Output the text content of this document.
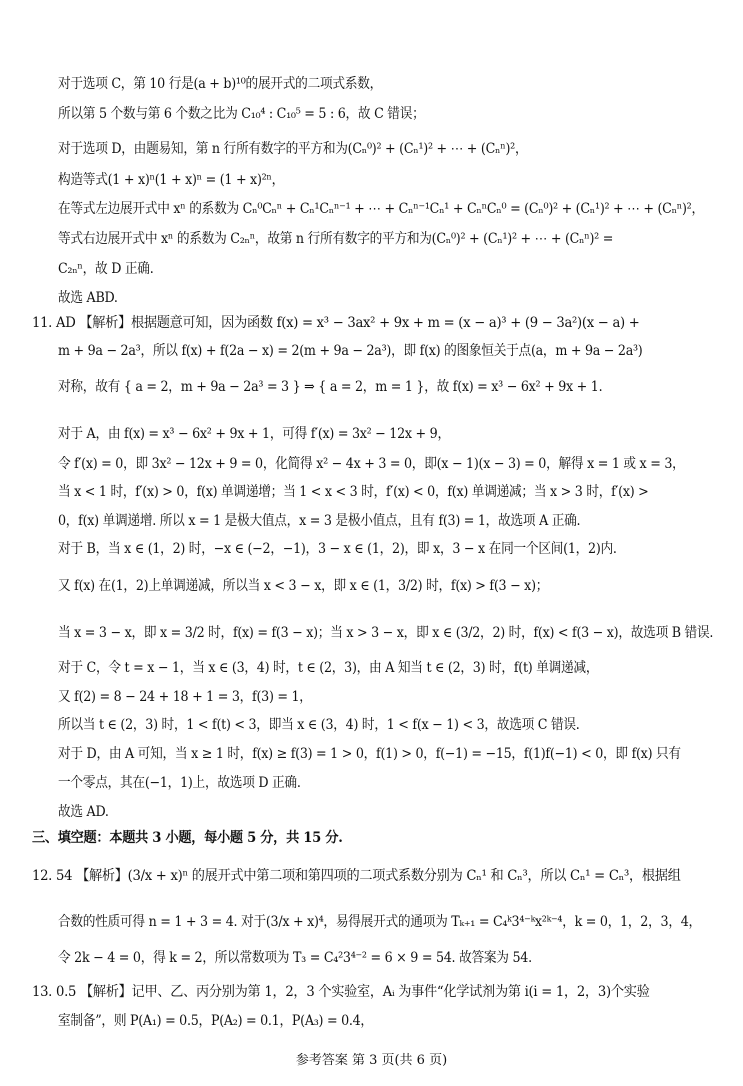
对于选项 C，第 10 行是(a + b)¹⁰的展开式的二项式系数，
所以第 5 个数与第 6 个数之比为 C₁₀⁴ : C₁₀⁵ = 5 : 6，故 C 错误；
对于选项 D，由题易知，第 n 行所有数字的平方和为(Cₙ⁰)² + (Cₙ¹)² + ⋯ + (Cₙⁿ)²，
构造等式(1 + x)ⁿ(1 + x)ⁿ = (1 + x)²ⁿ，
在等式左边展开式中 xⁿ 的系数为 Cₙ⁰Cₙⁿ + Cₙ¹Cₙⁿ⁻¹ + ⋯ + Cₙⁿ⁻¹Cₙ¹ + CₙⁿCₙ⁰ = (Cₙ⁰)² + (Cₙ¹)² + ⋯ + (Cₙⁿ)²，
等式右边展开式中 xⁿ 的系数为 C₂ₙⁿ，故第 n 行所有数字的平方和为(Cₙ⁰)² + (Cₙ¹)² + ⋯ + (Cₙⁿ)² =
C₂ₙⁿ，故 D 正确.
故选 ABD.
11. AD 【解析】根据题意可知，因为函数 f(x) = x³ − 3ax² + 9x + m = (x − a)³ + (9 − 3a²)(x − a) +
m + 9a − 2a³，所以 f(x) + f(2a − x) = 2(m + 9a − 2a³)，即 f(x) 的图象恒关于点(a，m + 9a − 2a³)
对称，故有 { a = 2，m + 9a − 2a³ = 3 } ⇒ { a = 2，m = 1 }，故 f(x) = x³ − 6x² + 9x + 1.
对于 A，由 f(x) = x³ − 6x² + 9x + 1，可得 f′(x) = 3x² − 12x + 9，
令 f′(x) = 0，即 3x² − 12x + 9 = 0，化简得 x² − 4x + 3 = 0，即(x − 1)(x − 3) = 0，解得 x = 1 或 x = 3，
当 x < 1 时，f′(x) > 0，f(x) 单调递增；当 1 < x < 3 时，f′(x) < 0，f(x) 单调递减；当 x > 3 时，f′(x) >
0，f(x) 单调递增. 所以 x = 1 是极大值点，x = 3 是极小值点，且有 f(3) = 1，故选项 A 正确.
对于 B，当 x ∈ (1，2) 时，−x ∈ (−2，−1)，3 − x ∈ (1，2)，即 x，3 − x 在同一个区间(1，2)内.
又 f(x) 在(1，2)上单调递减，所以当 x < 3 − x，即 x ∈ (1，3/2) 时，f(x) > f(3 − x)；
当 x = 3 − x，即 x = 3/2 时，f(x) = f(3 − x)；当 x > 3 − x，即 x ∈ (3/2，2) 时，f(x) < f(3 − x)，故选项 B 错误.
对于 C，令 t = x − 1，当 x ∈ (3，4) 时，t ∈ (2，3)，由 A 知当 t ∈ (2，3) 时，f(t) 单调递减，
又 f(2) = 8 − 24 + 18 + 1 = 3，f(3) = 1，
所以当 t ∈ (2，3) 时，1 < f(t) < 3，即当 x ∈ (3，4) 时，1 < f(x − 1) < 3，故选项 C 错误.
对于 D，由 A 可知，当 x ≥ 1 时，f(x) ≥ f(3) = 1 > 0，f(1) > 0，f(−1) = −15，f(1)f(−1) < 0，即 f(x) 只有
一个零点，其在(−1，1)上，故选项 D 正确.
故选 AD.
三、填空题：本题共 3 小题，每小题 5 分，共 15 分.
12. 54 【解析】(3/x + x)ⁿ 的展开式中第二项和第四项的二项式系数分别为 Cₙ¹ 和 Cₙ³，所以 Cₙ¹ = Cₙ³，根据组
合数的性质可得 n = 1 + 3 = 4. 对于(3/x + x)⁴，易得展开式的通项为 Tₖ₊₁ = C₄ᵏ3⁴⁻ᵏx²ᵏ⁻⁴，k = 0，1，2，3，4，
令 2k − 4 = 0，得 k = 2，所以常数项为 T₃ = C₄²3⁴⁻² = 6 × 9 = 54. 故答案为 54.
13. 0.5 【解析】记甲、乙、丙分别为第 1，2，3 个实验室，Aᵢ 为事件“化学试剂为第 i(i = 1，2，3)个实验
室制备”，则 P(A₁) = 0.5，P(A₂) = 0.1，P(A₃) = 0.4，
参考答案 第 3 页(共 6 页)
